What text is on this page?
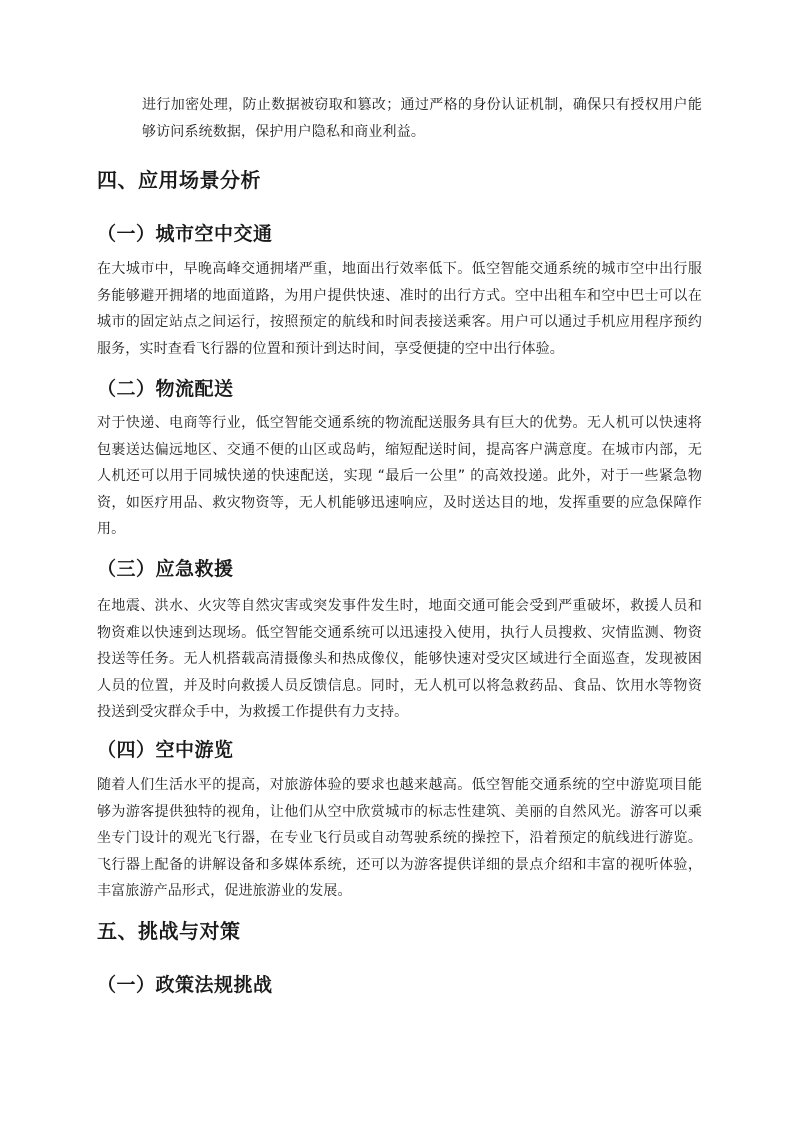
进行加密处理，防止数据被窃取和篡改；通过严格的身份认证机制，确保只有授权用户能够访问系统数据，保护用户隐私和商业利益。

四、应用场景分析
（一）城市空中交通

在大城市中，早晚高峰交通拥堵严重，地面出行效率低下。低空智能交通系统的城市空中出行服务能够避开拥堵的地面道路，为用户提供快速、准时的出行方式。空中出租车和空中巴士可以在城市的固定站点之间运行，按照预定的航线和时间表接送乘客。用户可以通过手机应用程序预约服务，实时查看飞行器的位置和预计到达时间，享受便捷的空中出行体验。

（二）物流配送

对于快递、电商等行业，低空智能交通系统的物流配送服务具有巨大的优势。无人机可以快速将包裹送达偏远地区、交通不便的山区或岛屿，缩短配送时间，提高客户满意度。在城市内部，无人机还可以用于同城快递的快速配送，实现 “最后一公里” 的高效投递。此外，对于一些紧急物资，如医疗用品、救灾物资等，无人机能够迅速响应，及时送达目的地，发挥重要的应急保障作用。

（三）应急救援

在地震、洪水、火灾等自然灾害或突发事件发生时，地面交通可能会受到严重破坏，救援人员和物资难以快速到达现场。低空智能交通系统可以迅速投入使用，执行人员搜救、灾情监测、物资投送等任务。无人机搭载高清摄像头和热成像仪，能够快速对受灾区域进行全面巡查，发现被困人员的位置，并及时向救援人员反馈信息。同时，无人机可以将急救药品、食品、饮用水等物资投送到受灾群众手中，为救援工作提供有力支持。

（四）空中游览

随着人们生活水平的提高，对旅游体验的要求也越来越高。低空智能交通系统的空中游览项目能够为游客提供独特的视角，让他们从空中欣赏城市的标志性建筑、美丽的自然风光。游客可以乘坐专门设计的观光飞行器，在专业飞行员或自动驾驶系统的操控下，沿着预定的航线进行游览。飞行器上配备的讲解设备和多媒体系统，还可以为游客提供详细的景点介绍和丰富的视听体验，丰富旅游产品形式，促进旅游业的发展。

五、挑战与对策
（一）政策法规挑战
